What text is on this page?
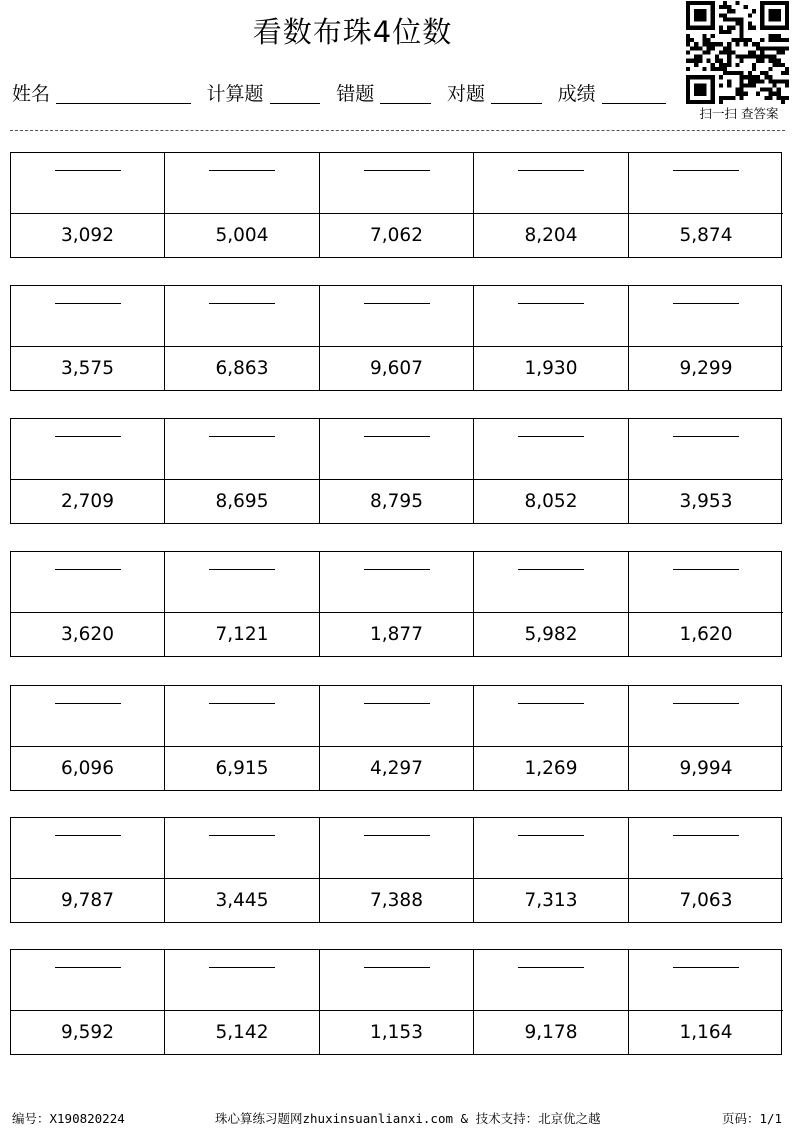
看数布珠4位数
姓名	计算题	错题	对题	成绩
扫一扫 查答案
3,092	5,004	7,062	8,204	5,874
3,575	6,863	9,607	1,930	9,299
2,709	8,695	8,795	8,052	3,953
3,620	7,121	1,877	5,982	1,620
6,096	6,915	4,297	1,269	9,994
9,787	3,445	7,388	7,313	7,063
9,592	5,142	1,153	9,178	1,164
编号：X190820224	珠心算练习题网zhuxinsuanlianxi.com & 技术支持：北京优之越	页码：1/1
